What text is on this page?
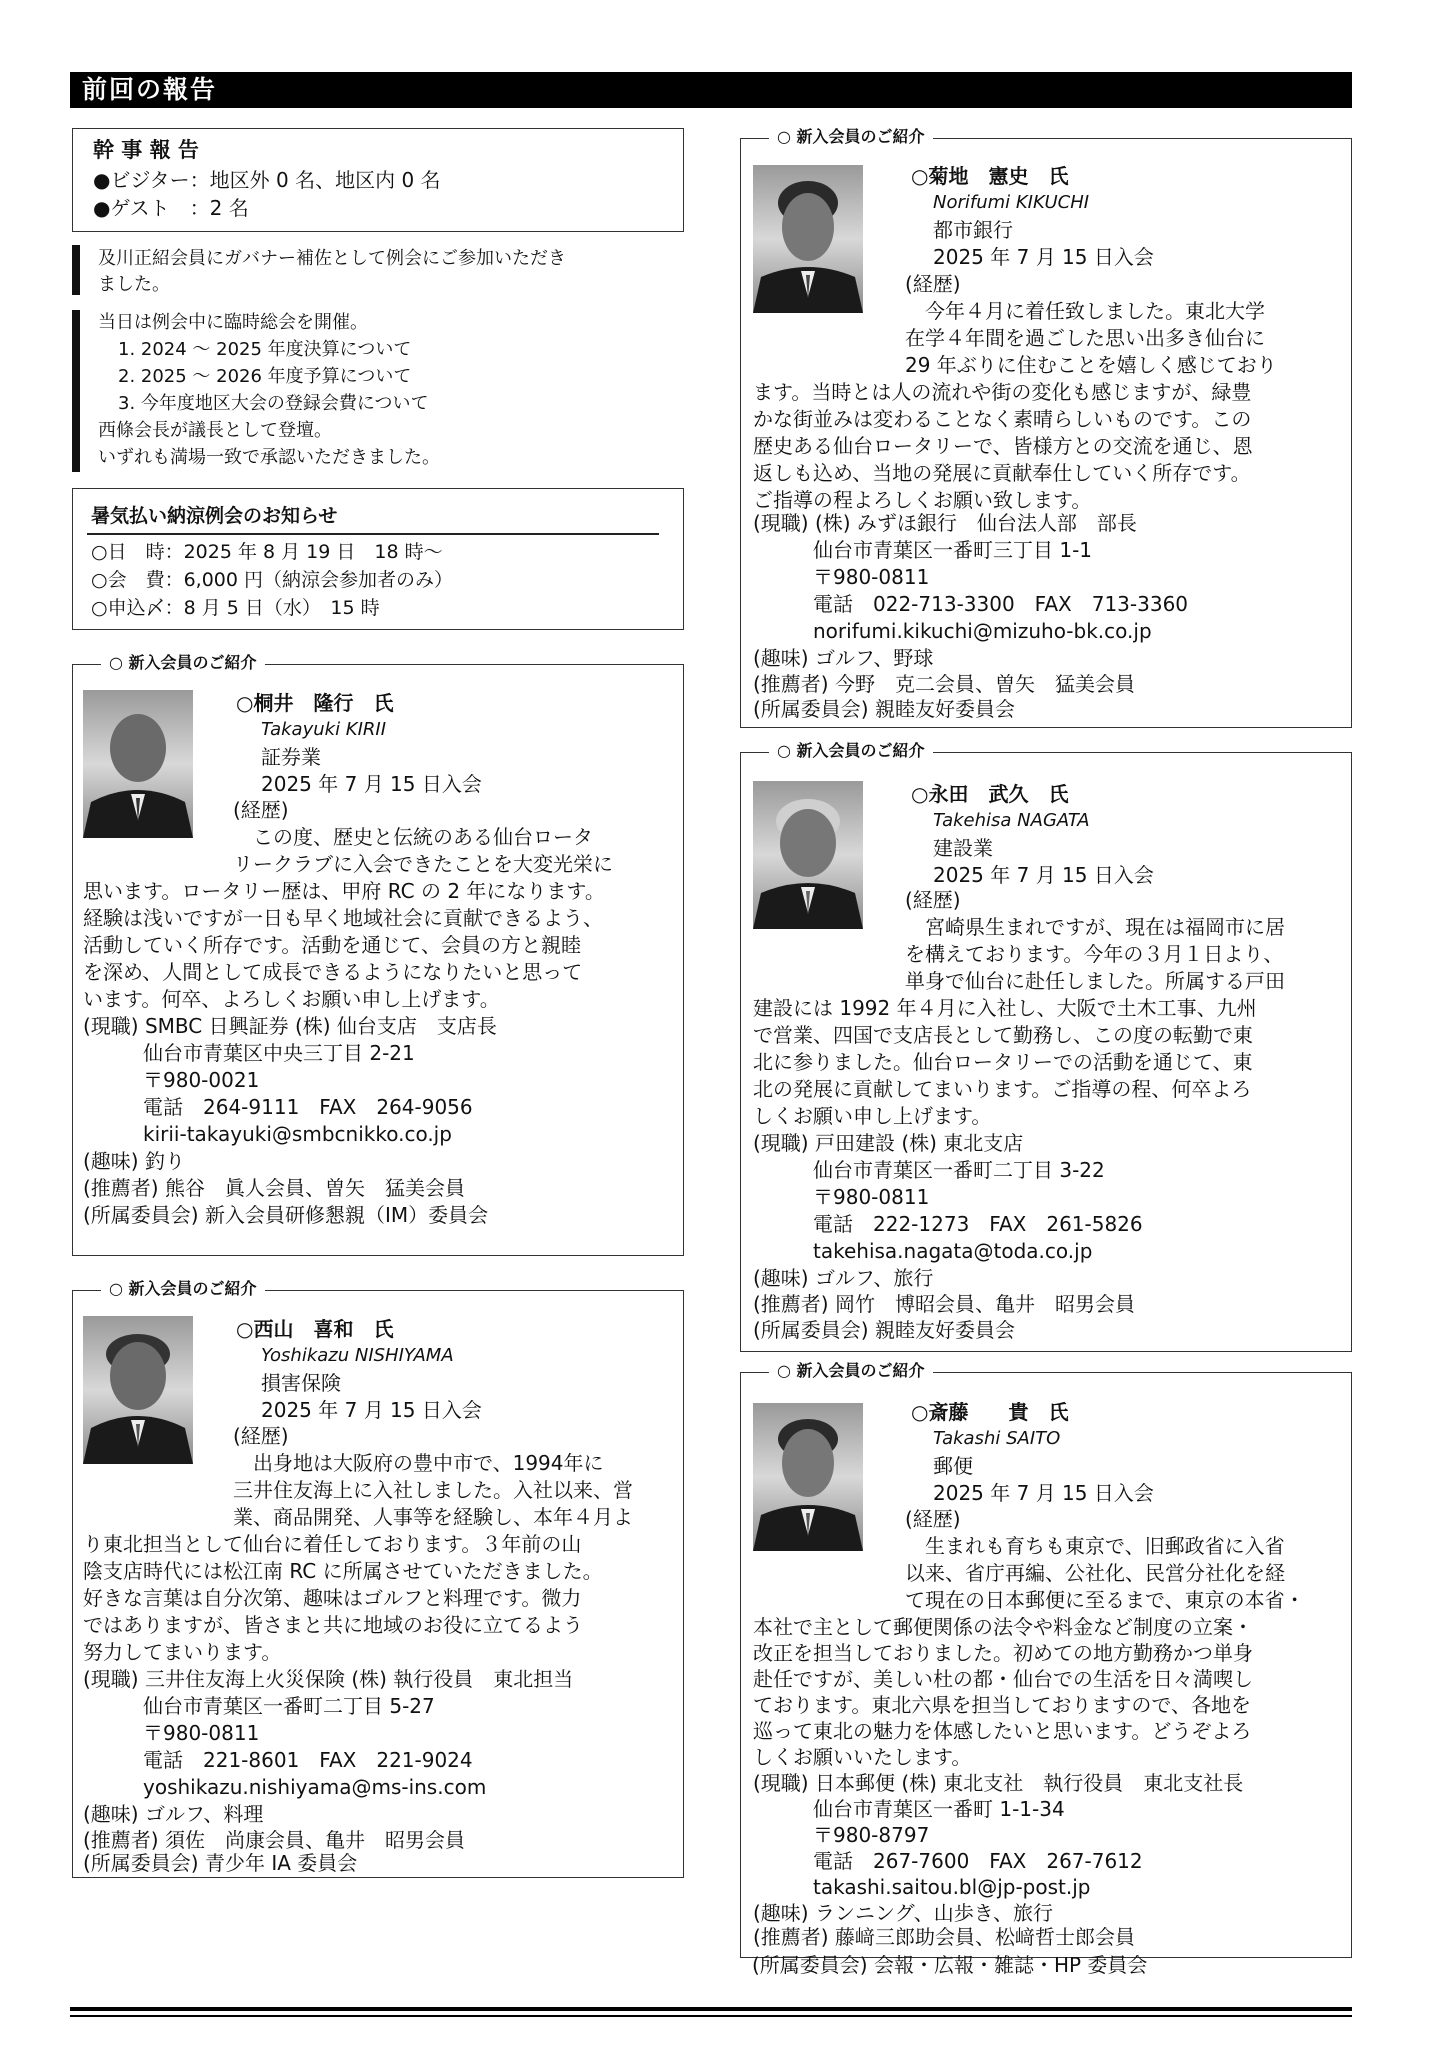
前回の報告
幹 事 報 告
●ビジター：地区外 0 名、地区内 0 名
●ゲスト　：2 名
及川正紹会員にガバナー補佐として例会にご参加いただき
ました。
当日は例会中に臨時総会を開催。
1. 2024 ～ 2025 年度決算について
2. 2025 ～ 2026 年度予算について
3. 今年度地区大会の登録会費について
西條会長が議長として登壇。
いずれも満場一致で承認いただきました。
暑気払い納涼例会のお知らせ
○日　時：2025 年 8 月 19 日　18 時～
○会　費：6,000 円（納涼会参加者のみ）
○申込〆：8 月 5 日（水）　15 時
○ 新入会員のご紹介
○桐井　隆行　氏
Takayuki KIRII
証券業
2025 年 7 月 15 日入会
(経歴)
　この度、歴史と伝統のある仙台ロータ
リークラブに入会できたことを大変光栄に
思います。ロータリー歴は、甲府 RC の 2 年になります。
経験は浅いですが一日も早く地域社会に貢献できるよう、
活動していく所存です。活動を通じて、会員の方と親睦
を深め、人間として成長できるようになりたいと思って
います。何卒、よろしくお願い申し上げます。
(現職) SMBC 日興証券 (株) 仙台支店　支店長
　　　仙台市青葉区中央三丁目 2-21
　　　〒980-0021
　　　電話　264-9111　FAX　264-9056
　　　kirii-takayuki@smbcnikko.co.jp
(趣味) 釣り
(推薦者) 熊谷　眞人会員、曽矢　猛美会員
(所属委員会) 新入会員研修懇親（IM）委員会
○ 新入会員のご紹介
○西山　喜和　氏
Yoshikazu NISHIYAMA
損害保険
2025 年 7 月 15 日入会
(経歴)
　出身地は大阪府の豊中市で、1994年に
三井住友海上に入社しました。入社以来、営
業、商品開発、人事等を経験し、本年４月よ
り東北担当として仙台に着任しております。３年前の山
陰支店時代には松江南 RC に所属させていただきました。
好きな言葉は自分次第、趣味はゴルフと料理です。微力
ではありますが、皆さまと共に地域のお役に立てるよう
努力してまいります。
(現職) 三井住友海上火災保険 (株) 執行役員　東北担当
　　　仙台市青葉区一番町二丁目 5-27
　　　〒980-0811
　　　電話　221-8601　FAX　221-9024
　　　yoshikazu.nishiyama@ms-ins.com
(趣味) ゴルフ、料理
(推薦者) 須佐　尚康会員、亀井　昭男会員
(所属委員会) 青少年 IA 委員会
○ 新入会員のご紹介
○菊地　憲史　氏
Norifumi KIKUCHI
都市銀行
2025 年 7 月 15 日入会
(経歴)
　今年４月に着任致しました。東北大学
在学４年間を過ごした思い出多き仙台に
29 年ぶりに住むことを嬉しく感じており
ます。当時とは人の流れや街の変化も感じますが、緑豊
かな街並みは変わることなく素晴らしいものです。この
歴史ある仙台ロータリーで、皆様方との交流を通じ、恩
返しも込め、当地の発展に貢献奉仕していく所存です。
ご指導の程よろしくお願い致します。
(現職) (株) みずほ銀行　仙台法人部　部長
　　　仙台市青葉区一番町三丁目 1-1
　　　〒980-0811
　　　電話　022-713-3300　FAX　713-3360
　　　norifumi.kikuchi@mizuho-bk.co.jp
(趣味) ゴルフ、野球
(推薦者) 今野　克二会員、曽矢　猛美会員
(所属委員会) 親睦友好委員会
○ 新入会員のご紹介
○永田　武久　氏
Takehisa NAGATA
建設業
2025 年 7 月 15 日入会
(経歴)
　宮崎県生まれですが、現在は福岡市に居
を構えております。今年の３月１日より、
単身で仙台に赴任しました。所属する戸田
建設には 1992 年４月に入社し、大阪で土木工事、九州
で営業、四国で支店長として勤務し、この度の転勤で東
北に参りました。仙台ロータリーでの活動を通じて、東
北の発展に貢献してまいります。ご指導の程、何卒よろ
しくお願い申し上げます。
(現職) 戸田建設 (株) 東北支店
　　　仙台市青葉区一番町二丁目 3-22
　　　〒980-0811
　　　電話　222-1273　FAX　261-5826
　　　takehisa.nagata@toda.co.jp
(趣味) ゴルフ、旅行
(推薦者) 岡竹　博昭会員、亀井　昭男会員
(所属委員会) 親睦友好委員会
○ 新入会員のご紹介
○斎藤　　貴　氏
Takashi SAITO
郵便
2025 年 7 月 15 日入会
(経歴)
　生まれも育ちも東京で、旧郵政省に入省
以来、省庁再編、公社化、民営分社化を経
て現在の日本郵便に至るまで、東京の本省・
本社で主として郵便関係の法令や料金など制度の立案・
改正を担当しておりました。初めての地方勤務かつ単身
赴任ですが、美しい杜の都・仙台での生活を日々満喫し
ております。東北六県を担当しておりますので、各地を
巡って東北の魅力を体感したいと思います。どうぞよろ
しくお願いいたします。
(現職) 日本郵便 (株) 東北支社　執行役員　東北支社長
　　　仙台市青葉区一番町 1-1-34
　　　〒980-8797
　　　電話　267-7600　FAX　267-7612
　　　takashi.saitou.bl@jp-post.jp
(趣味) ランニング、山歩き、旅行
(推薦者) 藤﨑三郎助会員、松﨑哲士郎会員
(所属委員会) 会報・広報・雑誌・HP 委員会
